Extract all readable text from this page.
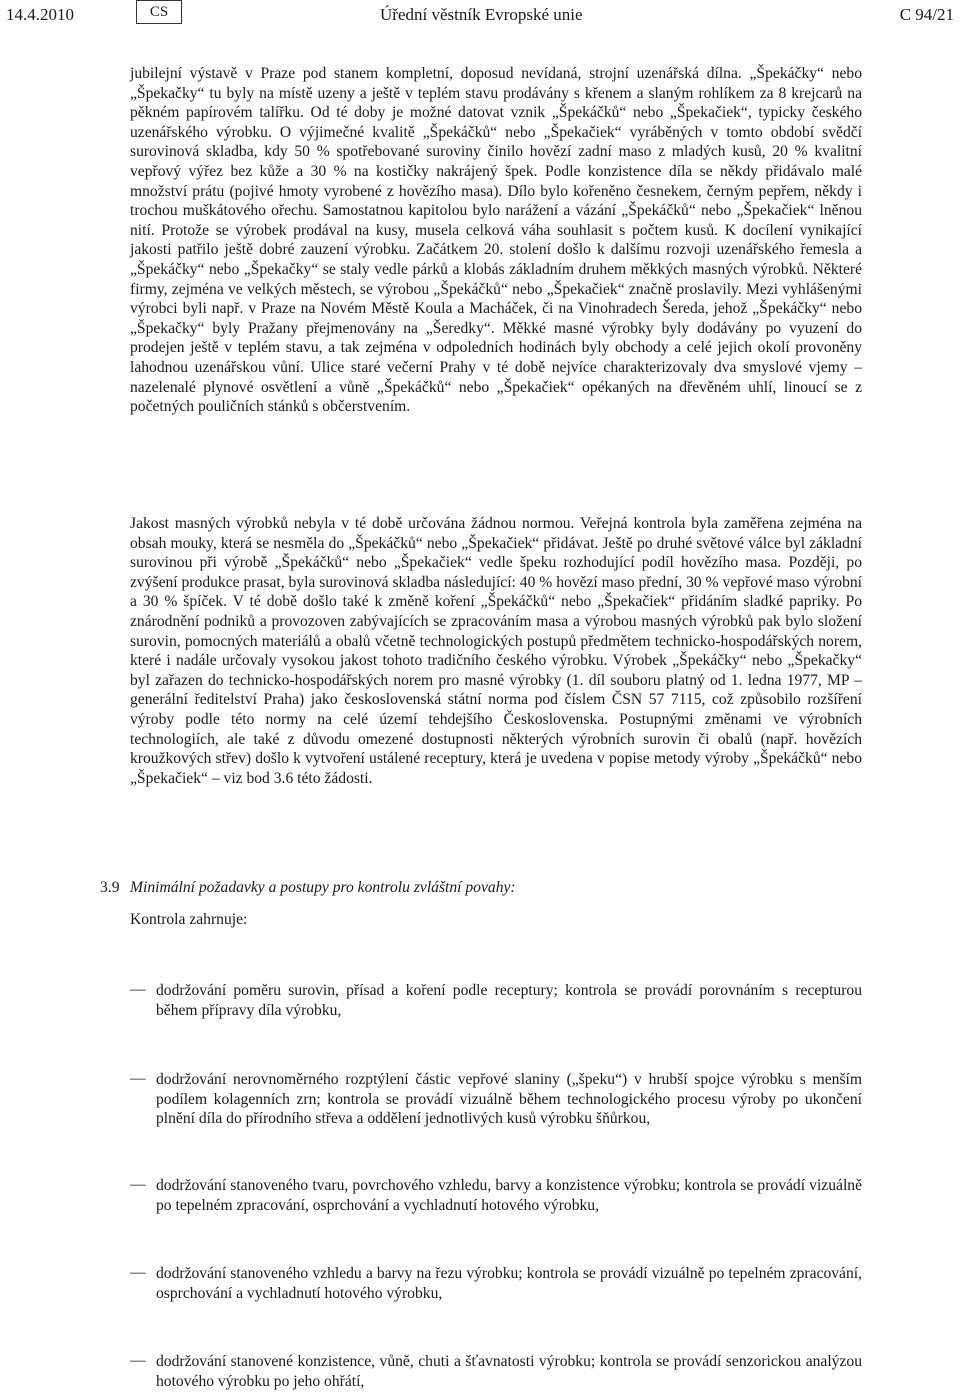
14.4.2010	CS	Úřední věstník Evropské unie	C 94/21

jubilejní výstavě v Praze pod stanem kompletní, doposud nevídaná, strojní uzenářská dílna. „Špekáčky“ nebo „Špekačky“ tu byly na místě uzeny a ještě v teplém stavu prodávány s křenem a slaným rohlíkem za 8 krejcarů na pěkném papírovém talířku. Od té doby je možné datovat vznik „Špekáčků“ nebo „Špekačiek“, typicky českého uzenářského výrobku. O výjimečné kvalitě „Špekáčků“ nebo „Špekačiek“ vyráběných v tomto období svědčí surovinová skladba, kdy 50 % spotřebované suroviny činilo hovězí zadní maso z mladých kusů, 20 % kvalitní vepřový výřez bez kůže a 30 % na kostičky nakrájený špek. Podle konzistence díla se někdy přidávalo malé množství prátu (pojivé hmoty vyrobené z hovězího masa). Dílo bylo kořeněno česnekem, černým pepřem, někdy i trochou muškátového ořechu. Samostatnou kapitolou bylo narážení a vázání „Špekáčků“ nebo „Špekačiek“ lněnou nití. Protože se výrobek prodával na kusy, musela celková váha souhlasit s počtem kusů. K docílení vynikající jakosti patřilo ještě dobré zauzení výrobku. Začátkem 20. stolení došlo k dalšímu rozvoji uzenářského řemesla a „Špekáčky“ nebo „Špekačky“ se staly vedle párků a klobás základním druhem měkkých masných výrobků. Některé firmy, zejména ve velkých městech, se výrobou „Špekáčků“ nebo „Špekačiek“ značně proslavily. Mezi vyhlášenými výrobci byli např. v Praze na Novém Městě Koula a Macháček, či na Vinohradech Šereda, jehož „Špekáčky“ nebo „Špekačky“ byly Pražany přejmenovány na „Šeredky“. Měkké masné výrobky byly dodávány po vyuzení do prodejen ještě v teplém stavu, a tak zejména v odpoledních hodinách byly obchody a celé jejich okolí provoněny lahodnou uzenářskou vůní. Ulice staré večerní Prahy v té době nejvíce charakterizovaly dva smyslové vjemy – nazelenalé plynové osvětlení a vůně „Špekáčků“ nebo „Špekačiek“ opékaných na dřevěném uhlí, linoucí se z početných pouličních stánků s občerstvením.

Jakost masných výrobků nebyla v té době určována žádnou normou. Veřejná kontrola byla zaměřena zejména na obsah mouky, která se nesměla do „Špekáčků“ nebo „Špekačiek“ přidávat. Ještě po druhé světové válce byl základní surovinou při výrobě „Špekáčků“ nebo „Špekačiek“ vedle špeku rozhodující podíl hovězího masa. Později, po zvýšení produkce prasat, byla surovinová skladba následující: 40 % hovězí maso přední, 30 % vepřové maso výrobní a 30 % špíček. V té době došlo také k změně koření „Špekáčků“ nebo „Špekačiek“ přidáním sladké papriky. Po znárodnění podniků a provozoven zabývajících se zpracováním masa a výrobou masných výrobků pak bylo složení surovin, pomocných materiálů a obalů včetně technologických postupů předmětem technicko-hospodářských norem, které i nadále určovaly vysokou jakost tohoto tradičního českého výrobku. Výrobek „Špekáčky“ nebo „Špekačky“ byl zařazen do technicko-hospodářských norem pro masné výrobky (1. díl souboru platný od 1. ledna 1977, MP – generální ředitelství Praha) jako československá státní norma pod číslem ČSN 57 7115, což způsobilo rozšíření výroby podle této normy na celé území tehdejšího Československa. Postupnými změnami ve výrobních technologiích, ale také z důvodu omezené dostupnosti některých výrobních surovin či obalů (např. hovězích kroužkových střev) došlo k vytvoření ustálené receptury, která je uvedena v popise metody výroby „Špekáčků“ nebo „Špekačiek“ – viz bod 3.6 této žádosti.

3.9 Minimální požadavky a postupy pro kontrolu zvláštní povahy:
Kontrola zahrnuje:
— dodržování poměru surovin, přísad a koření podle receptury; kontrola se provádí porovnáním s recepturou během přípravy díla výrobku,

— dodržování nerovnoměrného rozptýlení částic vepřové slaniny („špeku“) v hrubší spojce výrobku s menším podílem kolagenních zrn; kontrola se provádí vizuálně během technologického procesu výroby po ukončení plnění díla do přírodního střeva a oddělení jednotlivých kusů výrobku šňůrkou,

— dodržování stanoveného tvaru, povrchového vzhledu, barvy a konzistence výrobku; kontrola se provádí vizuálně po tepelném zpracování, osprchování a vychladnutí hotového výrobku,

— dodržování stanoveného vzhledu a barvy na řezu výrobku; kontrola se provádí vizuálně po tepelném zpracování, osprchování a vychladnutí hotového výrobku,

— dodržování stanovené konzistence, vůně, chuti a šťavnatosti výrobku; kontrola se provádí senzorickou analýzou hotového výrobku po jeho ohřátí,
